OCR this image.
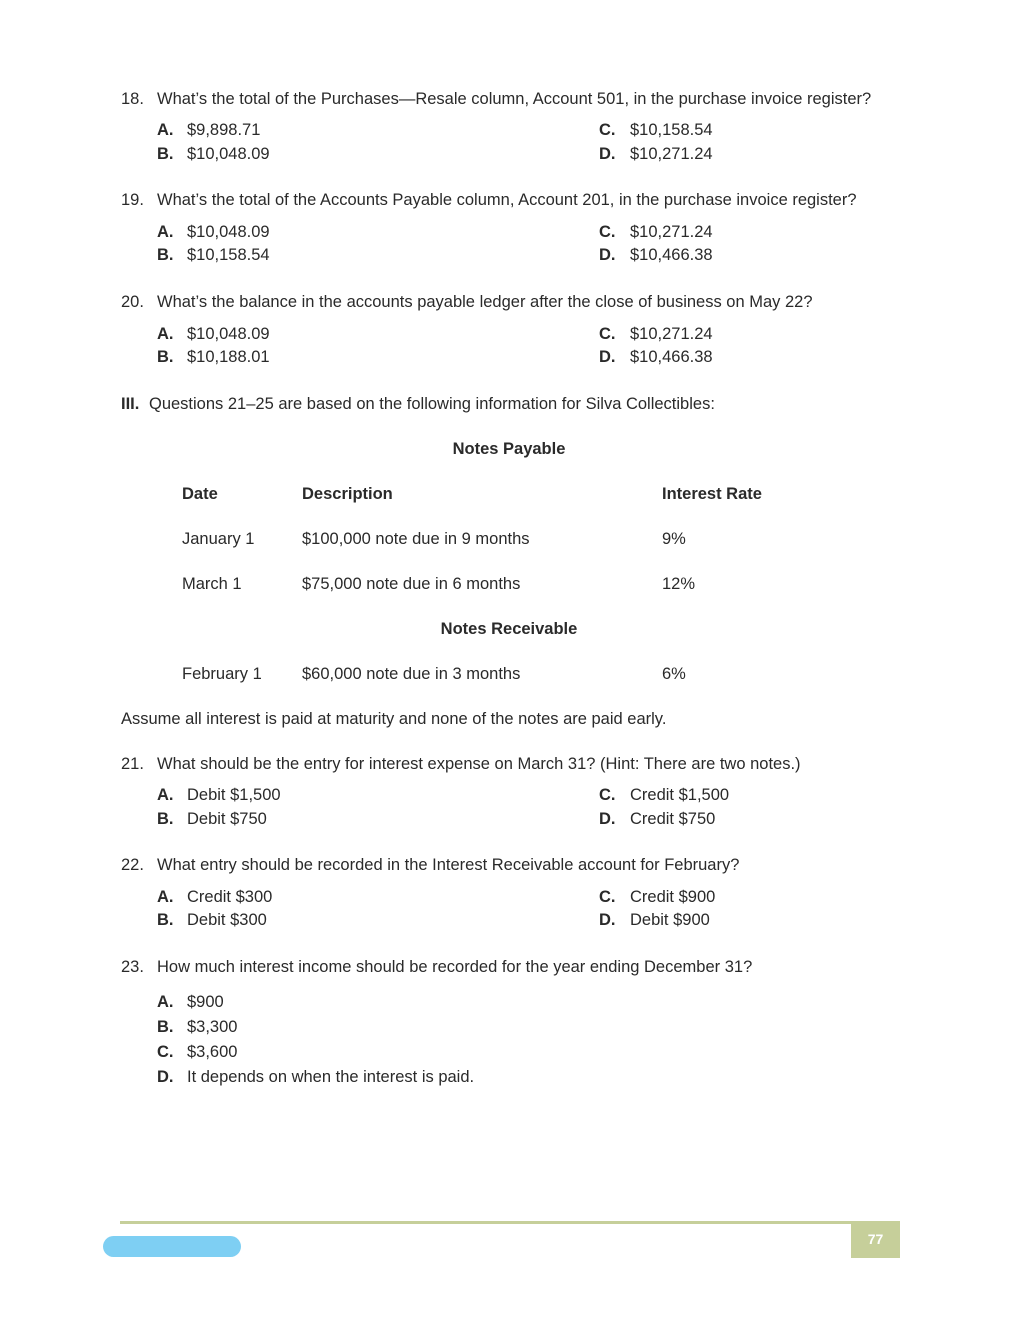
18. What’s the total of the Purchases—Resale column, Account 501, in the purchase invoice register?
A. $9,898.71
B. $10,048.09
C. $10,158.54
D. $10,271.24
19. What’s the total of the Accounts Payable column, Account 201, in the purchase invoice register?
A. $10,048.09
B. $10,158.54
C. $10,271.24
D. $10,466.38
20. What’s the balance in the accounts payable ledger after the close of business on May 22?
A. $10,048.09
B. $10,188.01
C. $10,271.24
D. $10,466.38
III. Questions 21–25 are based on the following information for Silva Collectibles:
Notes Payable
Date	Description	Interest Rate
January 1	$100,000 note due in 9 months	9%
March 1	$75,000 note due in 6 months	12%
Notes Receivable
February 1 $60,000 note due in 3 months	6%
Assume all interest is paid at maturity and none of the notes are paid early.
21. What should be the entry for interest expense on March 31? (Hint: There are two notes.)
A. Debit $1,500
B. Debit $750
C. Credit $1,500
D. Credit $750
22. What entry should be recorded in the Interest Receivable account for February?
A. Credit $300
B. Debit $300
C. Credit $900
D. Debit $900
23. How much interest income should be recorded for the year ending December 31?
A. $900
B. $3,300
C. $3,600
D. It depends on when the interest is paid.
77
